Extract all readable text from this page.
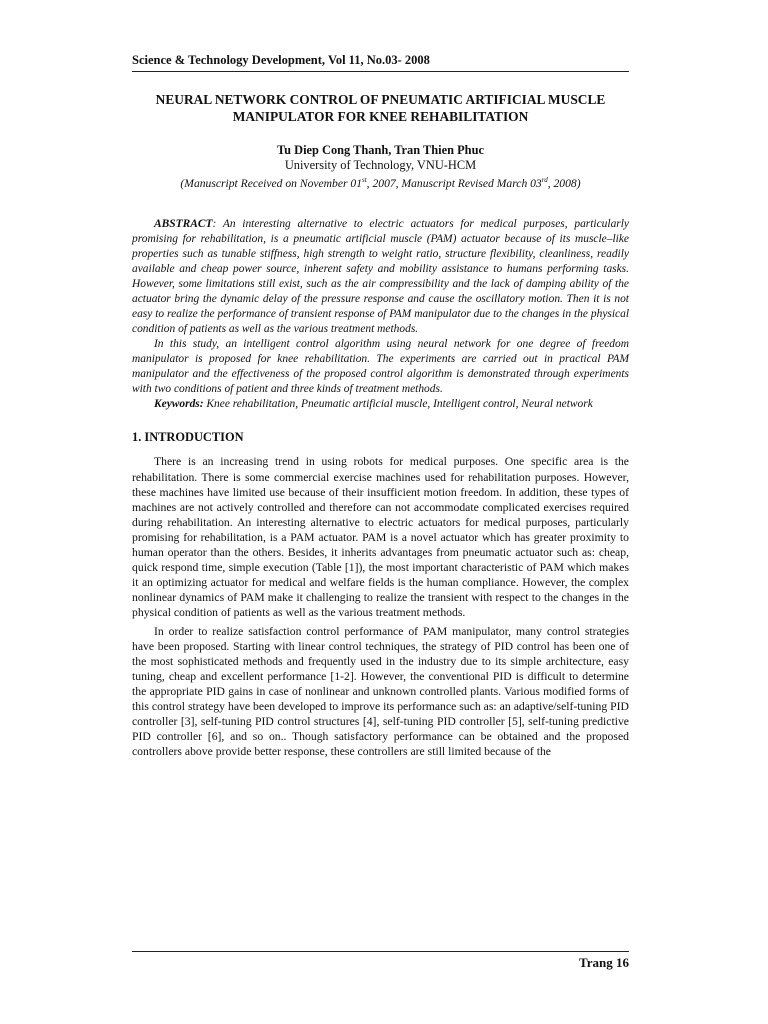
Science & Technology Development, Vol 11, No.03- 2008
NEURAL NETWORK CONTROL OF PNEUMATIC ARTIFICIAL MUSCLE
MANIPULATOR FOR KNEE REHABILITATION
Tu Diep Cong Thanh, Tran Thien Phuc
University of Technology, VNU-HCM
(Manuscript Received on November 01st, 2007, Manuscript Revised March 03rd, 2008)

ABSTRACT: An interesting alternative to electric actuators for medical purposes, particularly promising for rehabilitation, is a pneumatic artificial muscle (PAM) actuator because of its muscle–like properties such as tunable stiffness, high strength to weight ratio, structure flexibility, cleanliness, readily available and cheap power source, inherent safety and mobility assistance to humans performing tasks. However, some limitations still exist, such as the air compressibility and the lack of damping ability of the actuator bring the dynamic delay of the pressure response and cause the oscillatory motion. Then it is not easy to realize the performance of transient response of PAM manipulator due to the changes in the physical condition of patients as well as the various treatment methods.

In this study, an intelligent control algorithm using neural network for one degree of freedom manipulator is proposed for knee rehabilitation. The experiments are carried out in practical PAM manipulator and the effectiveness of the proposed control algorithm is demonstrated through experiments with two conditions of patient and three kinds of treatment methods.

Keywords: Knee rehabilitation, Pneumatic artificial muscle, Intelligent control, Neural network

1. INTRODUCTION

There is an increasing trend in using robots for medical purposes. One specific area is the rehabilitation. There is some commercial exercise machines used for rehabilitation purposes. However, these machines have limited use because of their insufficient motion freedom. In addition, these types of machines are not actively controlled and therefore can not accommodate complicated exercises required during rehabilitation. An interesting alternative to electric actuators for medical purposes, particularly promising for rehabilitation, is a PAM actuator. PAM is a novel actuator which has greater proximity to human operator than the others. Besides, it inherits advantages from pneumatic actuator such as: cheap, quick respond time, simple execution (Table [1]), the most important characteristic of PAM which makes it an optimizing actuator for medical and welfare fields is the human compliance. However, the complex nonlinear dynamics of PAM make it challenging to realize the transient with respect to the changes in the physical condition of patients as well as the various treatment methods.

In order to realize satisfaction control performance of PAM manipulator, many control strategies have been proposed. Starting with linear control techniques, the strategy of PID control has been one of the most sophisticated methods and frequently used in the industry due to its simple architecture, easy tuning, cheap and excellent performance [1-2]. However, the conventional PID is difficult to determine the appropriate PID gains in case of nonlinear and unknown controlled plants. Various modified forms of this control strategy have been developed to improve its performance such as: an adaptive/self-tuning PID controller [3], self-tuning PID control structures [4], self-tuning PID controller [5], self-tuning predictive PID controller [6], and so on.. Though satisfactory performance can be obtained and the proposed controllers above provide better response, these controllers are still limited because of the

Trang 16
